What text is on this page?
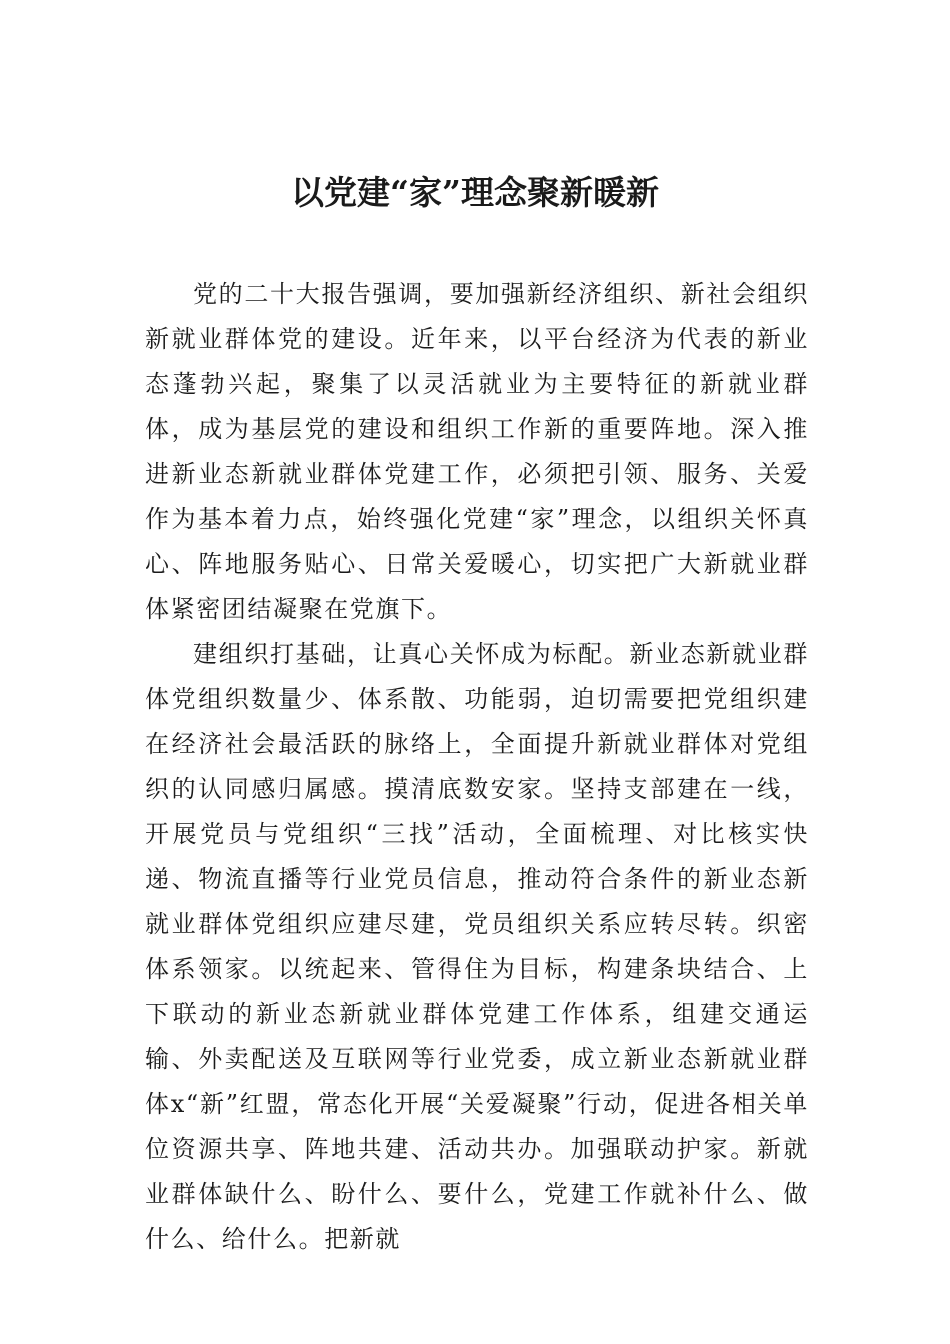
以党建“家”理念聚新暖新

党的二十大报告强调，要加强新经济组织、新社会组织新就业群体党的建设。近年来，以平台经济为代表的新业态蓬勃兴起，聚集了以灵活就业为主要特征的新就业群体，成为基层党的建设和组织工作新的重要阵地。深入推进新业态新就业群体党建工作，必须把引领、服务、关爱作为基本着力点，始终强化党建“家”理念，以组织关怀真心、阵地服务贴心、日常关爱暖心，切实把广大新就业群体紧密团结凝聚在党旗下。

建组织打基础，让真心关怀成为标配。新业态新就业群体党组织数量少、体系散、功能弱，迫切需要把党组织建在经济社会最活跃的脉络上，全面提升新就业群体对党组织的认同感归属感。摸清底数安家。坚持支部建在一线，开展党员与党组织“三找”活动，全面梳理、对比核实快递、物流直播等行业党员信息，推动符合条件的新业态新就业群体党组织应建尽建，党员组织关系应转尽转。织密体系领家。以统起来、管得住为目标，构建条块结合、上下联动的新业态新就业群体党建工作体系，组建交通运输、外卖配送及互联网等行业党委，成立新业态新就业群体x“新”红盟，常态化开展“关爱凝聚”行动，促进各相关单位资源共享、阵地共建、活动共办。加强联动护家。新就业群体缺什么、盼什么、要什么，党建工作就补什么、做什么、给什么。把新就
